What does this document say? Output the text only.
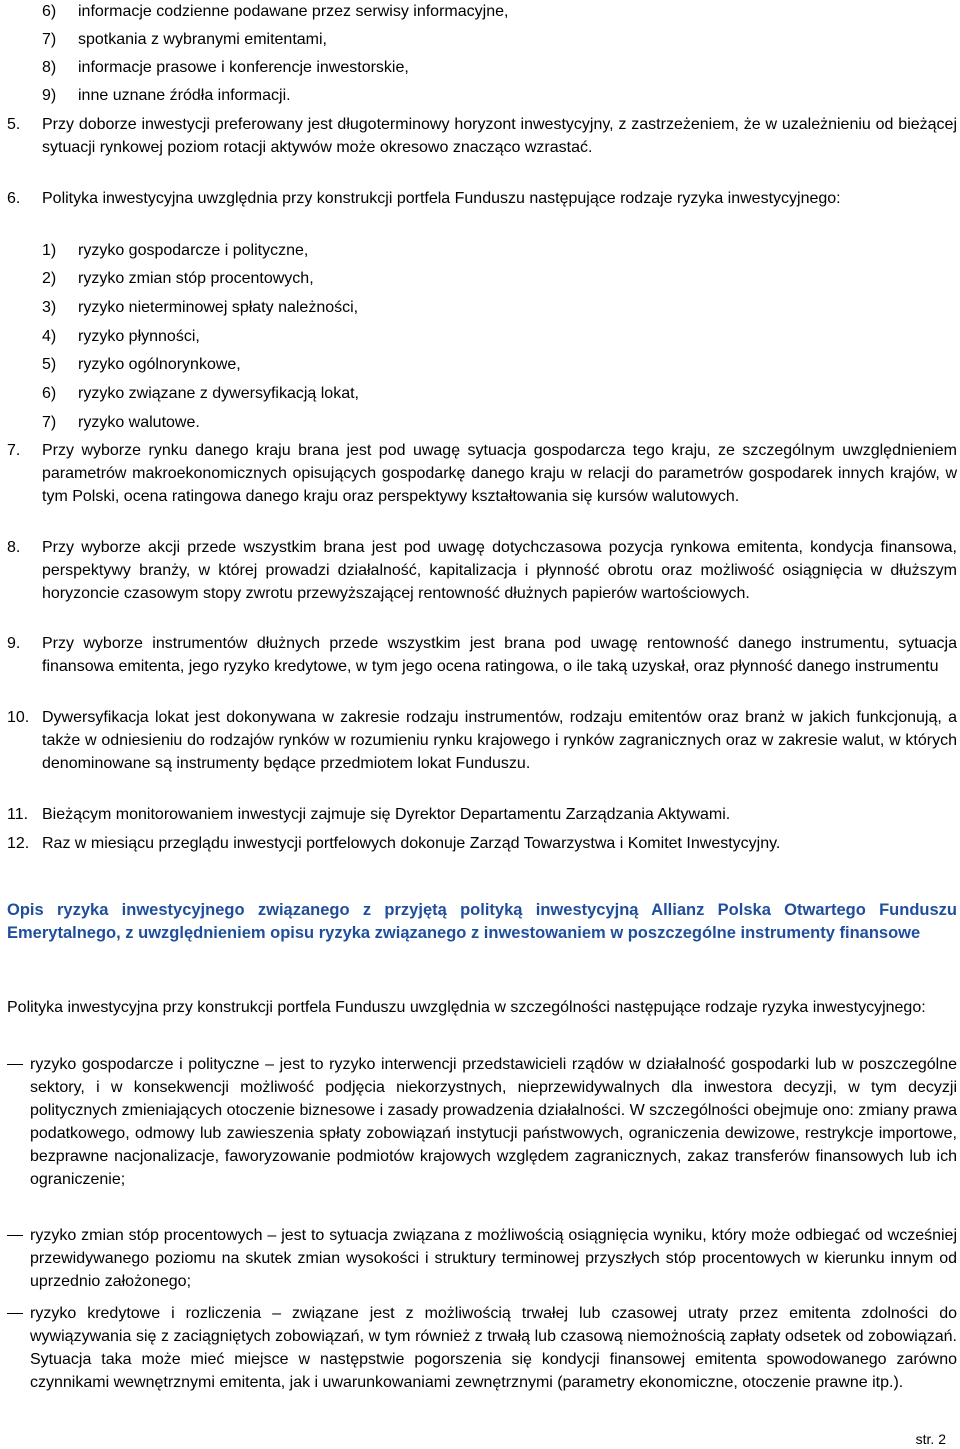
6) informacje codzienne podawane przez serwisy informacyjne,
7) spotkania z wybranymi emitentami,
8) informacje prasowe i konferencje inwestorskie,
9) inne uznane źródła informacji.
5. Przy doborze inwestycji preferowany jest długoterminowy horyzont inwestycyjny, z zastrzeżeniem, że w uzależnieniu od bieżącej sytuacji rynkowej poziom rotacji aktywów może okresowo znacząco wzrastać.
6. Polityka inwestycyjna uwzględnia przy konstrukcji portfela Funduszu następujące rodzaje ryzyka inwestycyjnego:
1) ryzyko gospodarcze i polityczne,
2) ryzyko zmian stóp procentowych,
3) ryzyko nieterminowej spłaty należności,
4) ryzyko płynności,
5) ryzyko ogólnorynkowe,
6) ryzyko związane z dywersyfikacją lokat,
7) ryzyko walutowe.
7. Przy wyborze rynku danego kraju brana jest pod uwagę sytuacja gospodarcza tego kraju, ze szczególnym uwzględnieniem parametrów makroekonomicznych opisujących gospodarkę danego kraju w relacji do parametrów gospodarek innych krajów, w tym Polski, ocena ratingowa danego kraju oraz perspektywy kształtowania się kursów walutowych.
8. Przy wyborze akcji przede wszystkim brana jest pod uwagę dotychczasowa pozycja rynkowa emitenta, kondycja finansowa, perspektywy branży, w której prowadzi działalność, kapitalizacja i płynność obrotu oraz możliwość osiągnięcia w dłuższym horyzoncie czasowym stopy zwrotu przewyższającej rentowność dłużnych papierów wartościowych.
9. Przy wyborze instrumentów dłużnych przede wszystkim jest brana pod uwagę rentowność danego instrumentu, sytuacja finansowa emitenta, jego ryzyko kredytowe, w tym jego ocena ratingowa, o ile taką uzyskał, oraz płynność danego instrumentu
10. Dywersyfikacja lokat jest dokonywana w zakresie rodzaju instrumentów, rodzaju emitentów oraz branż w jakich funkcjonują, a także w odniesieniu do rodzajów rynków w rozumieniu rynku krajowego i rynków zagranicznych oraz w zakresie walut, w których denominowane są instrumenty będące przedmiotem lokat Funduszu.
11. Bieżącym monitorowaniem inwestycji zajmuje się Dyrektor Departamentu Zarządzania Aktywami.
12. Raz w miesiącu przeglądu inwestycji portfelowych dokonuje Zarząd Towarzystwa i Komitet Inwestycyjny.
Opis ryzyka inwestycyjnego związanego z przyjętą polityką inwestycyjną Allianz Polska Otwartego Funduszu Emerytalnego, z uwzględnieniem opisu ryzyka związanego z inwestowaniem w poszczególne instrumenty finansowe
Polityka inwestycyjna przy konstrukcji portfela Funduszu uwzględnia w szczególności następujące rodzaje ryzyka inwestycyjnego:
ryzyko gospodarcze i polityczne – jest to ryzyko interwencji przedstawicieli rządów w działalność gospodarki lub w poszczególne sektory, i w konsekwencji możliwość podjęcia niekorzystnych, nieprzewidywalnych dla inwestora decyzji, w tym decyzji politycznych zmieniających otoczenie biznesowe i zasady prowadzenia działalności. W szczególności obejmuje ono: zmiany prawa podatkowego, odmowy lub zawieszenia spłaty zobowiązań instytucji państwowych, ograniczenia dewizowe, restrykcje importowe, bezprawne nacjonalizacje, faworyzowanie podmiotów krajowych względem zagranicznych, zakaz transferów finansowych lub ich ograniczenie;
ryzyko zmian stóp procentowych – jest to sytuacja związana z możliwością osiągnięcia wyniku, który może odbiegać od wcześniej przewidywanego poziomu na skutek zmian wysokości i struktury terminowej przyszłych stóp procentowych w kierunku innym od uprzednio założonego;
ryzyko kredytowe i rozliczenia – związane jest z możliwością trwałej lub czasowej utraty przez emitenta zdolności do wywiązywania się z zaciągniętych zobowiązań, w tym również z trwałą lub czasową niemożnością zapłaty odsetek od zobowiązań. Sytuacja taka może mieć miejsce w następstwie pogorszenia się kondycji finansowej emitenta spowodowanego zarówno czynnikami wewnętrznymi emitenta, jak i uwarunkowaniami zewnętrznymi (parametry ekonomiczne, otoczenie prawne itp.).
str. 2
